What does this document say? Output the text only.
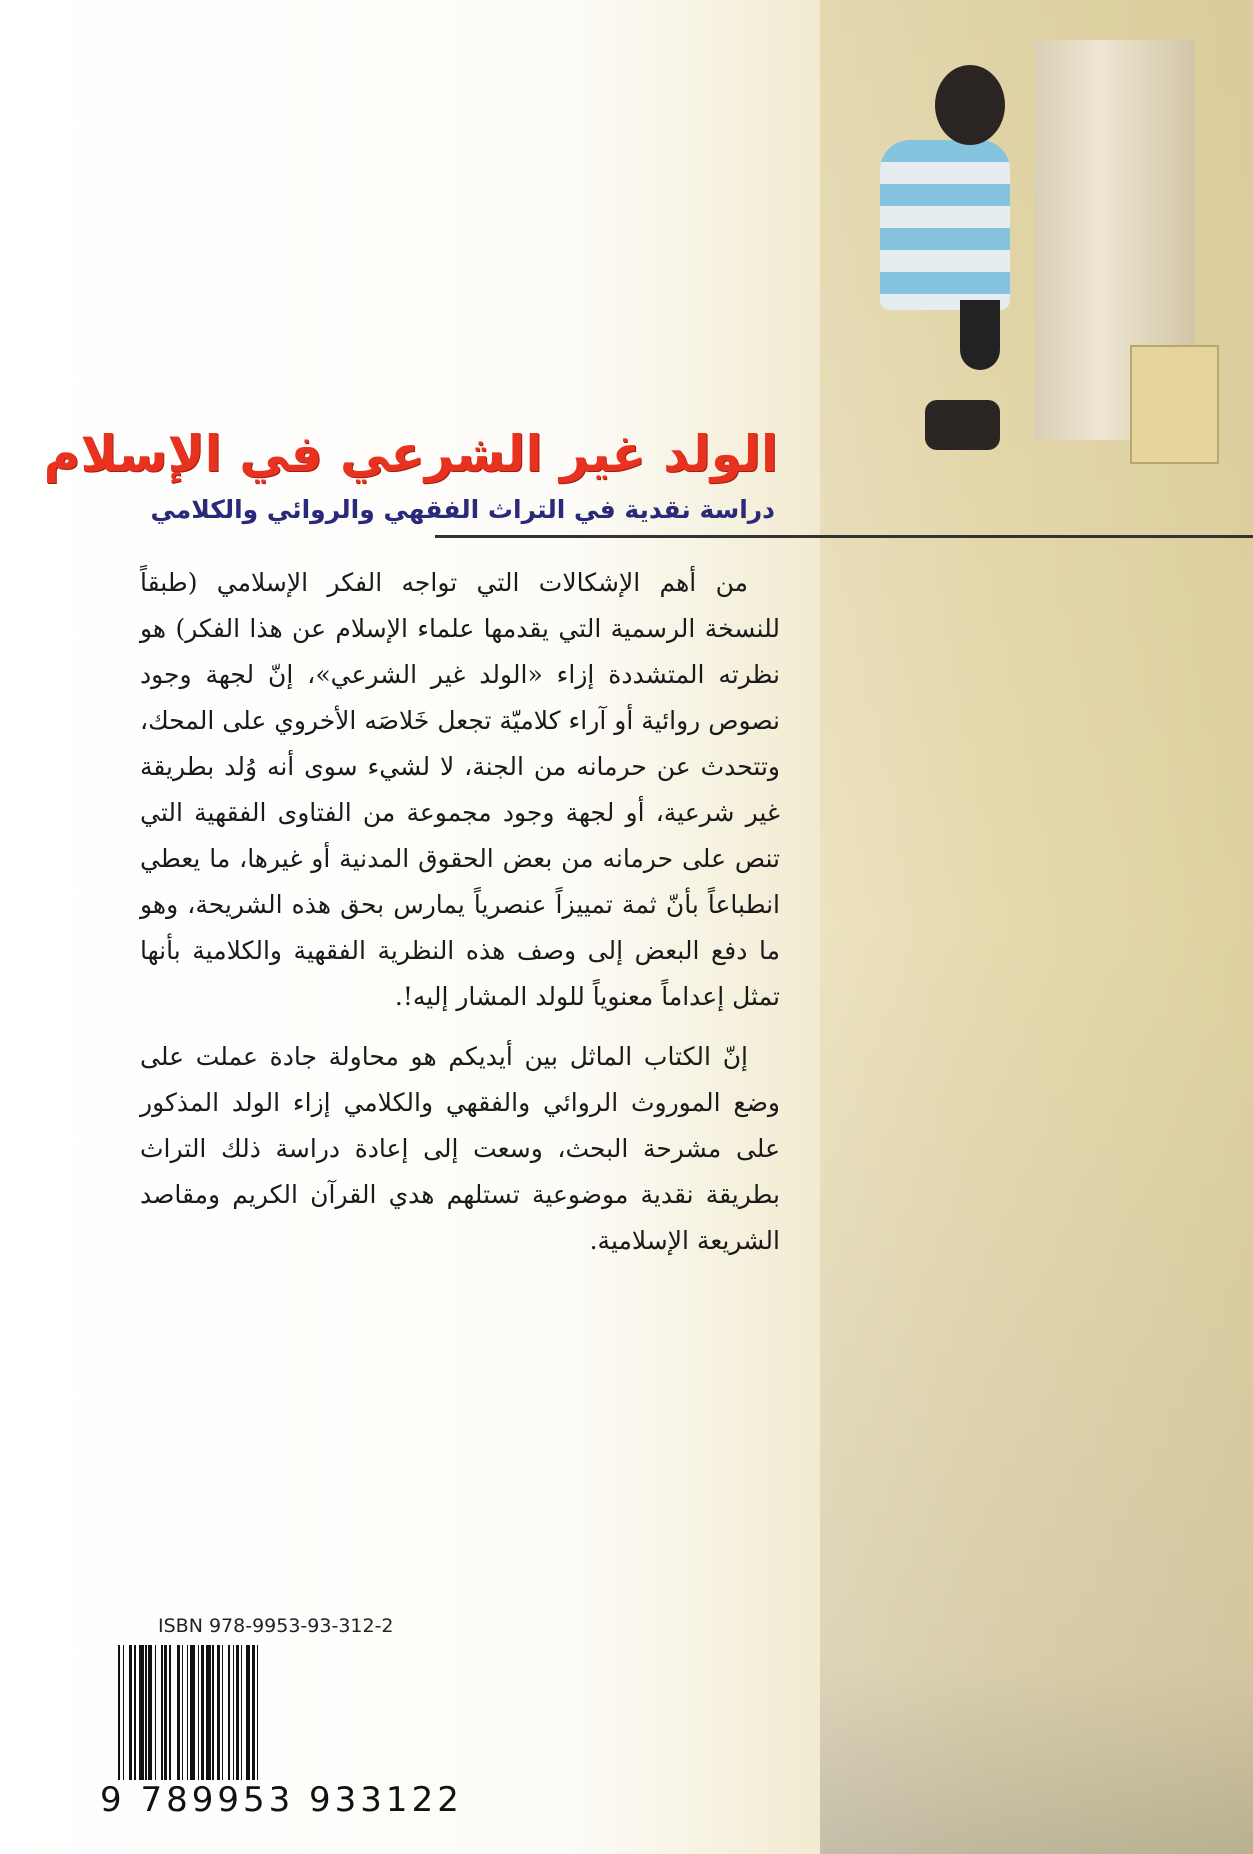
الولد غير الشرعي في الإسلام
دراسة نقدية في التراث الفقهي والروائي والكلامي

من أهم الإشكالات التي تواجه الفكر الإسلامي (طبقاً للنسخة الرسمية التي يقدمها علماء الإسلام عن هذا الفكر) هو نظرته المتشددة إزاء «الولد غير الشرعي»، إنّ لجهة وجود نصوص روائية أو آراء كلاميّة تجعل خَلاصَه الأخروي على المحك، وتتحدث عن حرمانه من الجنة، لا لشيء سوى أنه وُلد بطريقة غير شرعية، أو لجهة وجود مجموعة من الفتاوى الفقهية التي تنص على حرمانه من بعض الحقوق المدنية أو غيرها، ما يعطي انطباعاً بأنّ ثمة تمييزاً عنصرياً يمارس بحق هذه الشريحة، وهو ما دفع البعض إلى وصف هذه النظرية الفقهية والكلامية بأنها تمثل إعداماً معنوياً للولد المشار إليه!.

إنّ الكتاب الماثل بين أيديكم هو محاولة جادة عملت على وضع الموروث الروائي والفقهي والكلامي إزاء الولد المذكور على مشرحة البحث، وسعت إلى إعادة دراسة ذلك التراث بطريقة نقدية موضوعية تستلهم هدي القرآن الكريم ومقاصد الشريعة الإسلامية.

ISBN 978-9953-93-312-2
9 789953 933122
